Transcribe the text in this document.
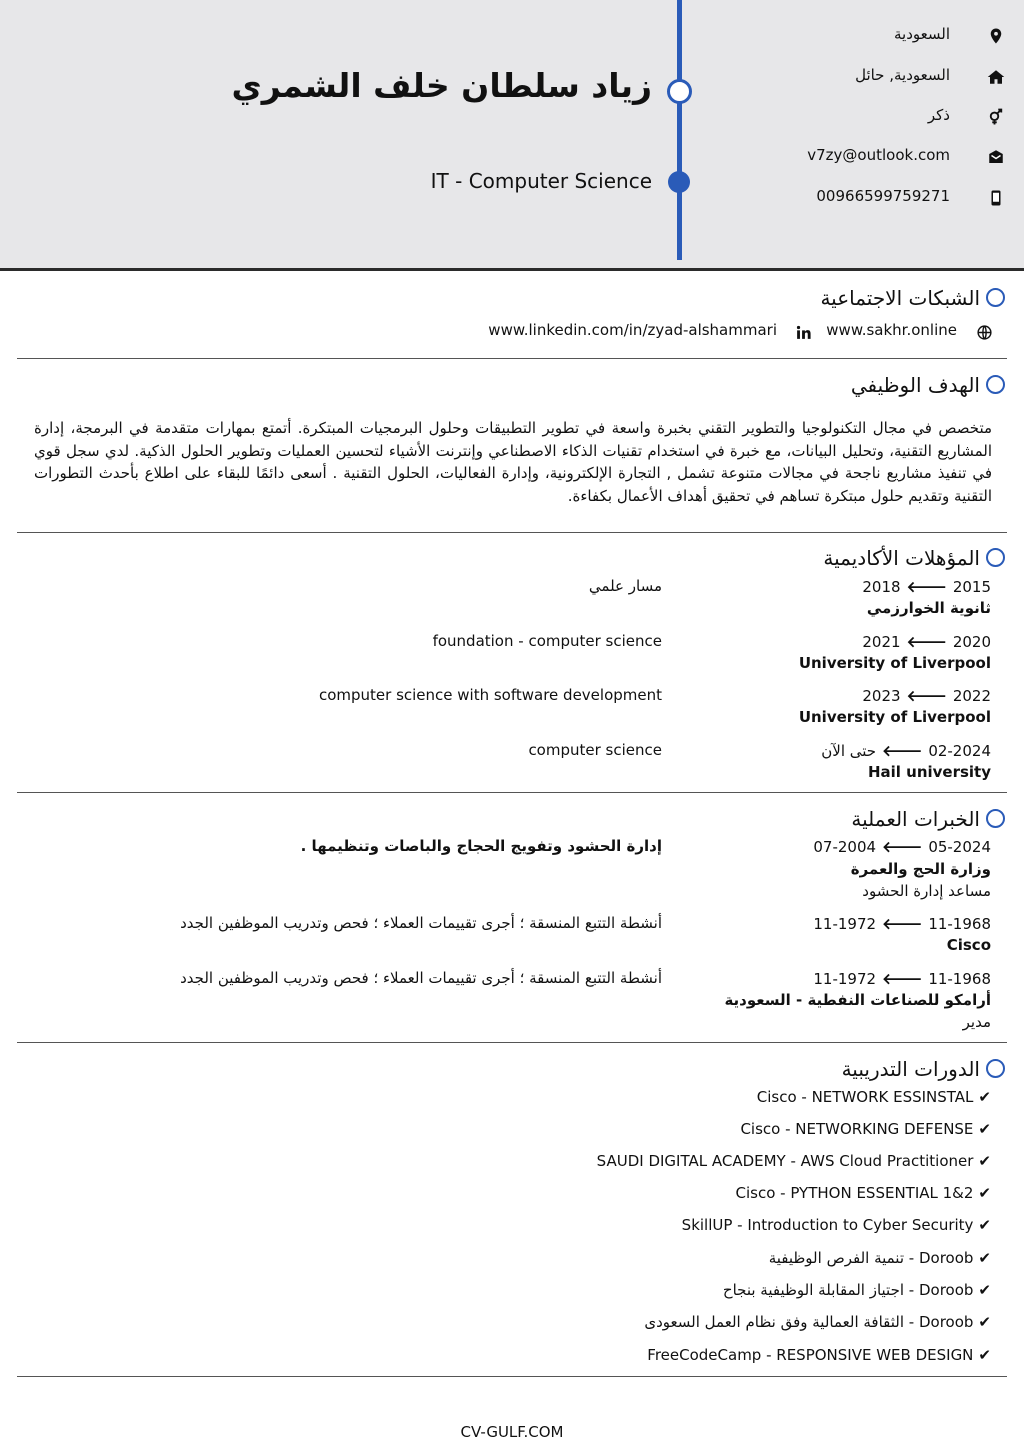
زياد سلطان خلف الشمري
IT - Computer Science
السعودية
السعودية, حائل
ذكر
v7zy@outlook.com
00966599759271
الشبكات الاجتماعية
www.sakhr.online
www.linkedin.com/in/zyad-alshammari
الهدف الوظيفي
متخصص في مجال التكنولوجيا والتطوير التقني بخبرة واسعة في تطوير التطبيقات وحلول البرمجيات المبتكرة. أتمتع بمهارات متقدمة في البرمجة، إدارة المشاريع التقنية، وتحليل البيانات، مع خبرة في استخدام تقنيات الذكاء الاصطناعي وإنترنت الأشياء لتحسين العمليات وتطوير الحلول الذكية. لدي سجل قوي في تنفيذ مشاريع ناجحة في مجالات متنوعة تشمل , التجارة الإلكترونية، وإدارة الفعاليات، الحلول التقنية . أسعى دائمًا للبقاء على اطلاع بأحدث التطورات التقنية وتقديم حلول مبتكرة تساهم في تحقيق أهداف الأعمال بكفاءة.
المؤهلات الأكاديمية
2015🡐2018
ثانوية الخوارزمي
مسار علمي
2020🡐2021
University of Liverpool
foundation - computer science
2022🡐2023
University of Liverpool
computer science with software development
02-2024🡐حتى الآن
Hail university
computer science
الخبرات العملية
05-2024🡐07-2004
وزارة الحج والعمرة
مساعد إدارة الحشود
إدارة الحشود وتفويج الحجاج والباصات وتنظيمها .
11-1968🡐11-1972
Cisco
أنشطة التتبع المنسقة ؛ أجرى تقييمات العملاء ؛ فحص وتدريب الموظفين الجدد
11-1968🡐11-1972
أرامكو للصناعات النفطية - السعودية
مدير
أنشطة التتبع المنسقة ؛ أجرى تقييمات العملاء ؛ فحص وتدريب الموظفين الجدد
الدورات التدريبية
✔Cisco - NETWORK ESSINSTAL
✔Cisco - NETWORKING DEFENSE
✔SAUDI DIGITAL ACADEMY - AWS Cloud Practitioner
✔Cisco - PYTHON ESSENTIAL 1&2
✔SkillUP - Introduction to Cyber Security
✔Doroob - تنمية الفرص الوظيفية
✔Doroob - اجتياز المقابلة الوظيفية بنجاح
✔Doroob - الثقافة العمالية وفق نظام العمل السعودى
✔FreeCodeCamp - RESPONSIVE WEB DESIGN
CV-GULF.COM
